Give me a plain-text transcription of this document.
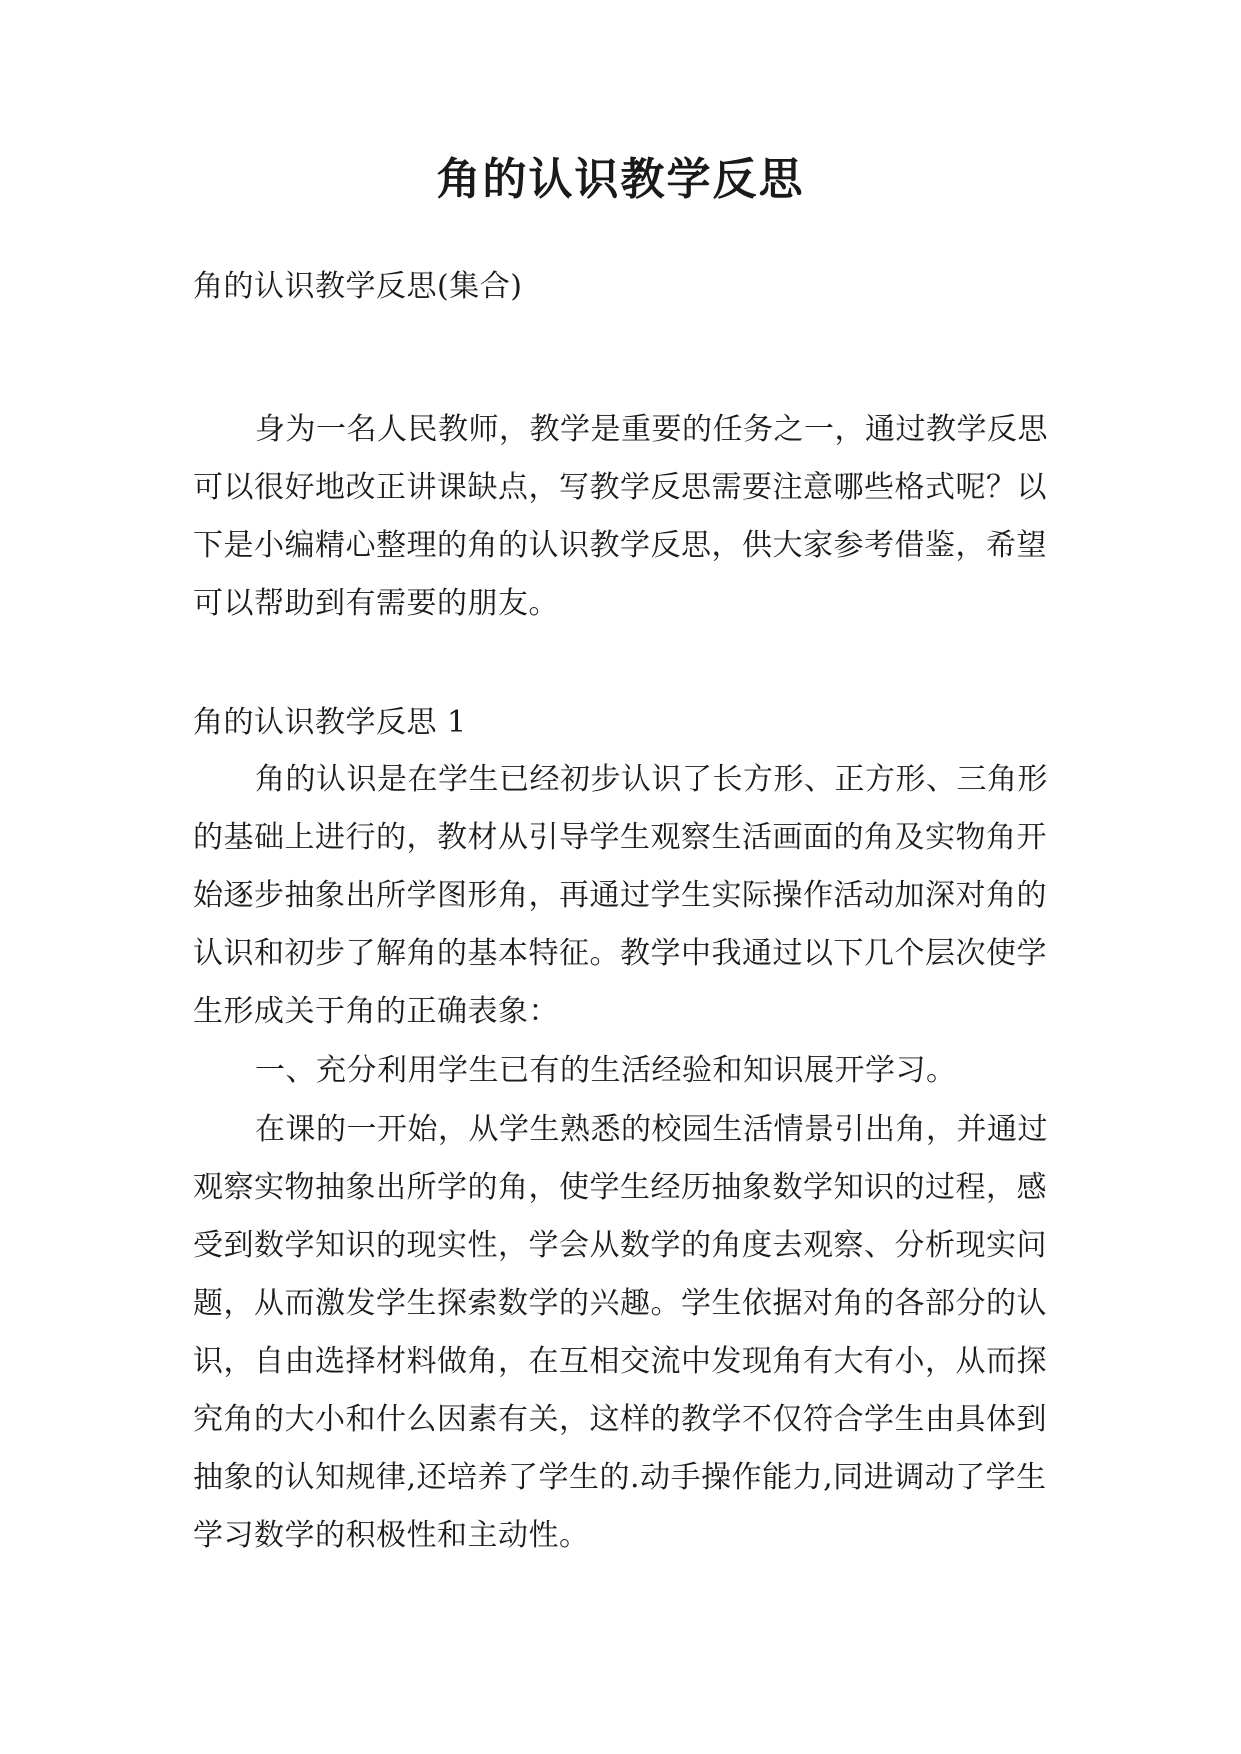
角的认识教学反思

角的认识教学反思(集合)

身为一名人民教师，教学是重要的任务之一，通过教学反思可以很好地改正讲课缺点，写教学反思需要注意哪些格式呢？以下是小编精心整理的角的认识教学反思，供大家参考借鉴，希望可以帮助到有需要的朋友。

角的认识教学反思 1

角的认识是在学生已经初步认识了长方形、正方形、三角形的基础上进行的，教材从引导学生观察生活画面的角及实物角开始逐步抽象出所学图形角，再通过学生实际操作活动加深对角的认识和初步了解角的基本特征。教学中我通过以下几个层次使学生形成关于角的正确表象：

一、充分利用学生已有的生活经验和知识展开学习。

在课的一开始，从学生熟悉的校园生活情景引出角，并通过观察实物抽象出所学的角，使学生经历抽象数学知识的过程，感受到数学知识的现实性，学会从数学的角度去观察、分析现实问题，从而激发学生探索数学的兴趣。学生依据对角的各部分的认识，自由选择材料做角，在互相交流中发现角有大有小，从而探究角的大小和什么因素有关，这样的教学不仅符合学生由具体到抽象的认知规律,还培养了学生的.动手操作能力,同进调动了学生学习数学的积极性和主动性。
